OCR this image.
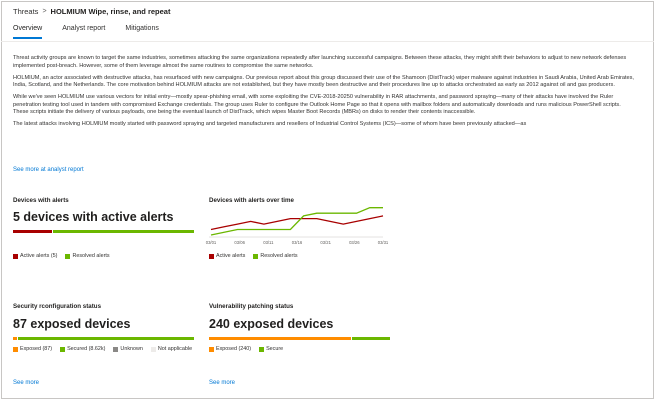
Threats > HOLMIUM Wipe, rinse, and repeat
Overview	Analyst report	Mitigations

Threat activity groups are known to target the same industries, sometimes attacking the same organizations repeatedly after launching successful campaigns. Between these attacks, they might shift their behaviors to adjust to new network defenses implemented post-breach. However, some of them leverage almost the same routines to compromise the same networks.

HOLMIUM, an actor associated with destructive attacks, has resurfaced with new campaigns. Our previous report about this group discussed their use of the Shamoon (DistTrack) wiper malware against industries in Saudi Arabia, United Arab Emirates, India, Scotland, and the Netherlands. The core motivation behind HOLMIUM attacks are not established, but they have mostly been destructive and their procedures line up to attacks orchestrated as early as 2012 against oil and gas producers.

While we've seen HOLMIUM use various vectors for initial entry—mostly spear-phishing email, with some exploiting the CVE-2018-20250 vulnerability in RAR attachments, and password spraying—many of their attacks have involved the Ruler penetration testing tool used in tandem with compromised Exchange credentials. The group uses Ruler to configure the Outlook Home Page so that it opens with mailbox folders and automatically downloads and runs malicious PowerShell scripts. These scripts initiate the delivery of various payloads, one being the eventual launch of DistTrack, which wipes Master Boot Records (MBRs) on disks to render their contents inaccessible.

The latest attacks involving HOLMIUM mostly started with password spraying and targeted manufacturers and resellers of Industrial Control Systems (ICS)—some of whom have been previously attacked—as

See more at analyst report
Devices with alerts
5 devices with active alerts
Active alerts (5)	Resolved alerts
Devices with alerts over time
03/01	03/06	03/11	03/16	03/21	03/26	03/31
Active alerts	Resolved alerts
Security rconfiguration status
87 exposed devices
Exposed (87)	Secured (8.62k)	Unknown	Not applicable
See more
Vulnerability patching status
240 exposed devices
Exposed (240)	Secure
See more
